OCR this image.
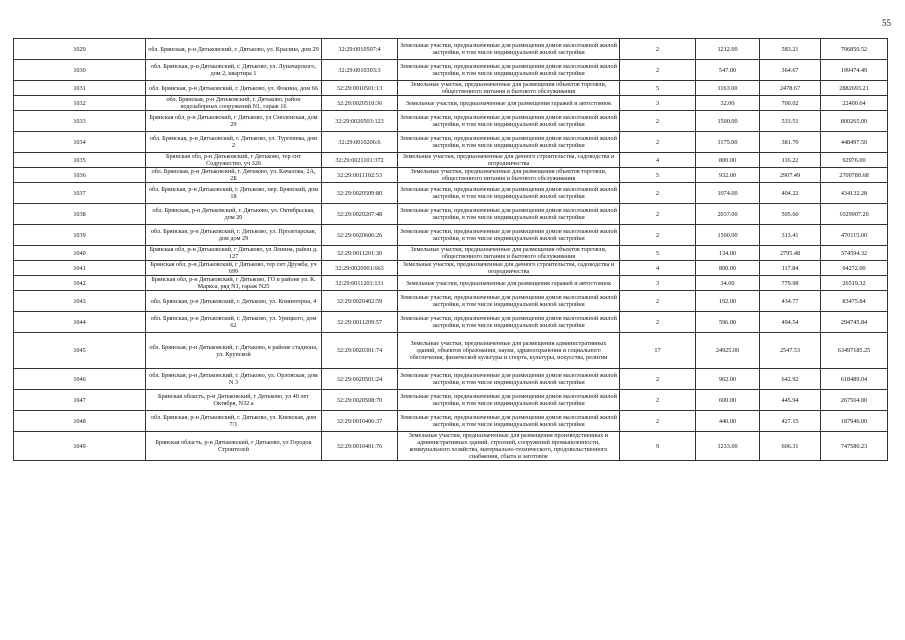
55
1029	обл. Брянская, р-н Дятьковский, г. Дятьково, ул. Красина, дом 29	32:29:0010507:4	Земельные участки, предназначенные для размещения домов малоэтажной жилой застройки, в том числе индивидуальной жилой застройки	2	1212.00	583.21	706850.52
1030	обл. Брянская, р-н Дятьковский, г. Дятьково, ул. Луначарского, дом 2, квартира 1	32:29:0010303:3	Земельные участки, предназначенные для размещения домов малоэтажной жилой застройки, в том числе индивидуальной жилой застройки	2	547.00	364.67	199474.49
1031	обл. Брянская, р-н Дятьковский, г. Дятьково, ул. Фокина, дом 66	32:29:0010501:13	Земельные участки, предназначенные для размещения объектов торговли, общественного питания и бытового обслуживания	5	1163.00	2478.67	2882693.21
1032	обл. Брянская, р-н Дятьковский, г. Дятьково, район водозаборных сооружений N1, гараж 16	32:29:0020510:36	Земельные участки, предназначенные для размещения гаражей и автостоянок	3	32.00	700.02	22400.64
1033	Брянская обл, р-н Дятьковский, г Дятьково, ул Смоленская, дом 29	32:29:0020503:123	Земельные участки, предназначенные для размещения домов малоэтажной жилой застройки, в том числе индивидуальной жилой застройки	2	1500.00	533.51	800265.00
1034	обл. Брянская, р-н Дятьковский, г. Дятьково, ул. Тургенева, дом 2	32:29:0010206:6	Земельные участки, предназначенные для размещения домов малоэтажной жилой застройки, в том числе индивидуальной жилой застройки	2	1175.00	381.70	448497.50
1035	Брянская обл, р-н Дятьковский, г Дятьково, тер снт Содружество, уч 326	32:29:0021101:372	Земельные участки, предназначенные для дачного строительства, садоводства и огородничества	4	800.00	116.22	92976.00
1036	обл. Брянская, р-н Дятьковский, г. Дятьково, ул. Качалова, 2А, 2Б	32:29:0011102:53	Земельные участки, предназначенные для размещения объектов торговли, общественного питания и бытового обслуживания	5	932.00	2907.49	2709780.68
1037	обл. Брянская, р-н Дятьковский, г. Дятьково, пер. Брянский, дом 18	32:29:0020509:80	Земельные участки, предназначенные для размещения домов малоэтажной жилой застройки, в том числе индивидуальной жилой застройки	2	1074.00	404.22	434132.28
1038	обл. Брянская, р-н Дятьковский, г. Дятьково, ул. Октябрьская, дом 20	32:29:0020207:48	Земельные участки, предназначенные для размещения домов малоэтажной жилой застройки, в том числе индивидуальной жилой застройки	2	2037.00	505.60	1029907.20
1039	обл. Брянская, р-н Дятьковский, г. Дятьково, ул. Пролетарская, дом дом 29	32:29:0020606:26	Земельные участки, предназначенные для размещения домов малоэтажной жилой застройки, в том числе индивидуальной жилой застройки	2	1500.00	313.41	470115.00
1040	Брянская обл, р-н Дятьковский, г Дятьково, ул Ленина, район д. 127	32:29:0011201:30	Земельные участки, предназначенные для размещения объектов торговли, общественного питания и бытового обслуживания	5	134.00	2795.48	374594.32
1041	Брянская обл, р-н Дятьковский, г Дятьково, тер снт Дружба, уч 699	32:29:0020901:663	Земельные участки, предназначенные для дачного строительства, садоводства и огородничества	4	800.00	117.84	94272.00
1042	Брянская обл, р-н Дятьковский, г Дятьково, ГО в районе ул. К. Маркса, ряд N1, гараж N25	32:29:0011201:131	Земельные участки, предназначенные для размещения гаражей и автостоянок	3	34.00	779.98	26519.32
1043	обл. Брянская, р-н Дятьковский, г. Дятьково, ул. Коминтерна, 4	32:29:0020402:59	Земельные участки, предназначенные для размещения домов малоэтажной жилой застройки, в том числе индивидуальной жилой застройки	2	192.00	434.77	83475.84
1044	обл. Брянская, р-н Дятьковский, г. Дятьково, ул. Урицкого, дом 62	32:29:0011209:57	Земельные участки, предназначенные для размещения домов малоэтажной жилой застройки, в том числе индивидуальной жилой застройки	2	596.00	494.54	294745.84
1045	обл. Брянская, р-н Дятьковский, г. Дятьково, в районе стадиона, ул. Крупской	32:29:0020301:74	Земельные участки, предназначенные для размещения административных зданий, объектов образования, науки, здравоохранения и социального обеспечения, физической культуры и спорта, культуры, искусства, религии	17	24925.00	2547.53	63497185.25
1046	обл. Брянская, р-н Дятьковский, г. Дятьково, ул. Орловская, дом N 3	32:29:0020501:24	Земельные участки, предназначенные для размещения домов малоэтажной жилой застройки, в том числе индивидуальной жилой застройки	2	962.00	642.92	618489.04
1047	Брянская область, р-н Дятьковский, г Дятьково, ул 40 лет Октября, N32 а	32:29:0020508:70	Земельные участки, предназначенные для размещения домов малоэтажной жилой застройки, в том числе индивидуальной жилой застройки	2	600.00	445.94	267564.00
1048	обл. Брянская, р-н Дятьковский, г. Дятьково, ул. Киевская, дом 7/1	32:29:0010406:37	Земельные участки, предназначенные для размещения домов малоэтажной жилой застройки, в том числе индивидуальной жилой застройки	2	440.00	427.15	187946.00
1049	Брянская область, р-н Дятьковский, г Дятьково, ул Городок Строителей	32:29:0010401:76	Земельные участки, предназначенные для размещения производственных и административных зданий, строений, сооружений промышленности, коммунального хозяйства, материально-технического, продовольственного снабжения, сбыта и заготовок	9	1233.00	606.31	747580.23
